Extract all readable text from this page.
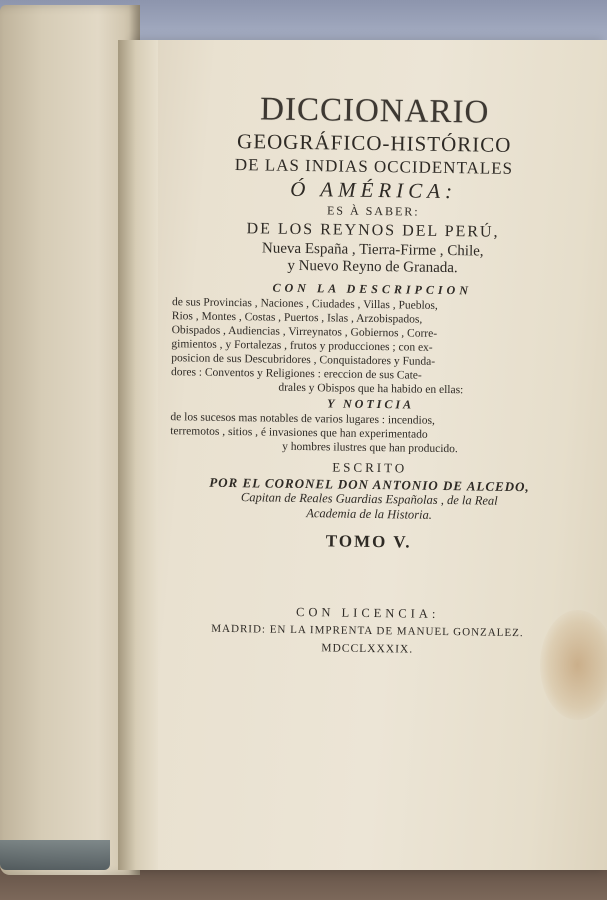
DICCIONARIO
GEOGRÁFICO-HISTÓRICO
DE LAS INDIAS OCCIDENTALES
Ó AMÉRICA:
ES À SABER:
DE LOS REYNOS DEL PERÚ,
Nueva España , Tierra-Firme , Chile,
y Nuevo Reyno de Granada.
CON LA DESCRIPCION
de sus Provincias , Naciones , Ciudades , Villas , Pueblos,
Rios , Montes , Costas , Puertos , Islas , Arzobispados,
Obispados , Audiencias , Virreynatos , Gobiernos , Corre-
gimientos , y Fortalezas , frutos y producciones ; con ex-
posicion de sus Descubridores , Conquistadores y Funda-
dores : Conventos y Religiones : ereccion de sus Cate-
drales y Obispos que ha habido en ellas:
Y NOTICIA
de los sucesos mas notables de varios lugares : incendios,
terremotos , sitios , é invasiones que han experimentado
y hombres ilustres que han producido.
ESCRITO
POR EL CORONEL DON ANTONIO DE ALCEDO,
Capitan de Reales Guardias Españolas , de la Real
Academia de la Historia.
TOMO V.
CON LICENCIA:
MADRID: EN LA IMPRENTA DE MANUEL GONZALEZ.
MDCCLXXXIX.
